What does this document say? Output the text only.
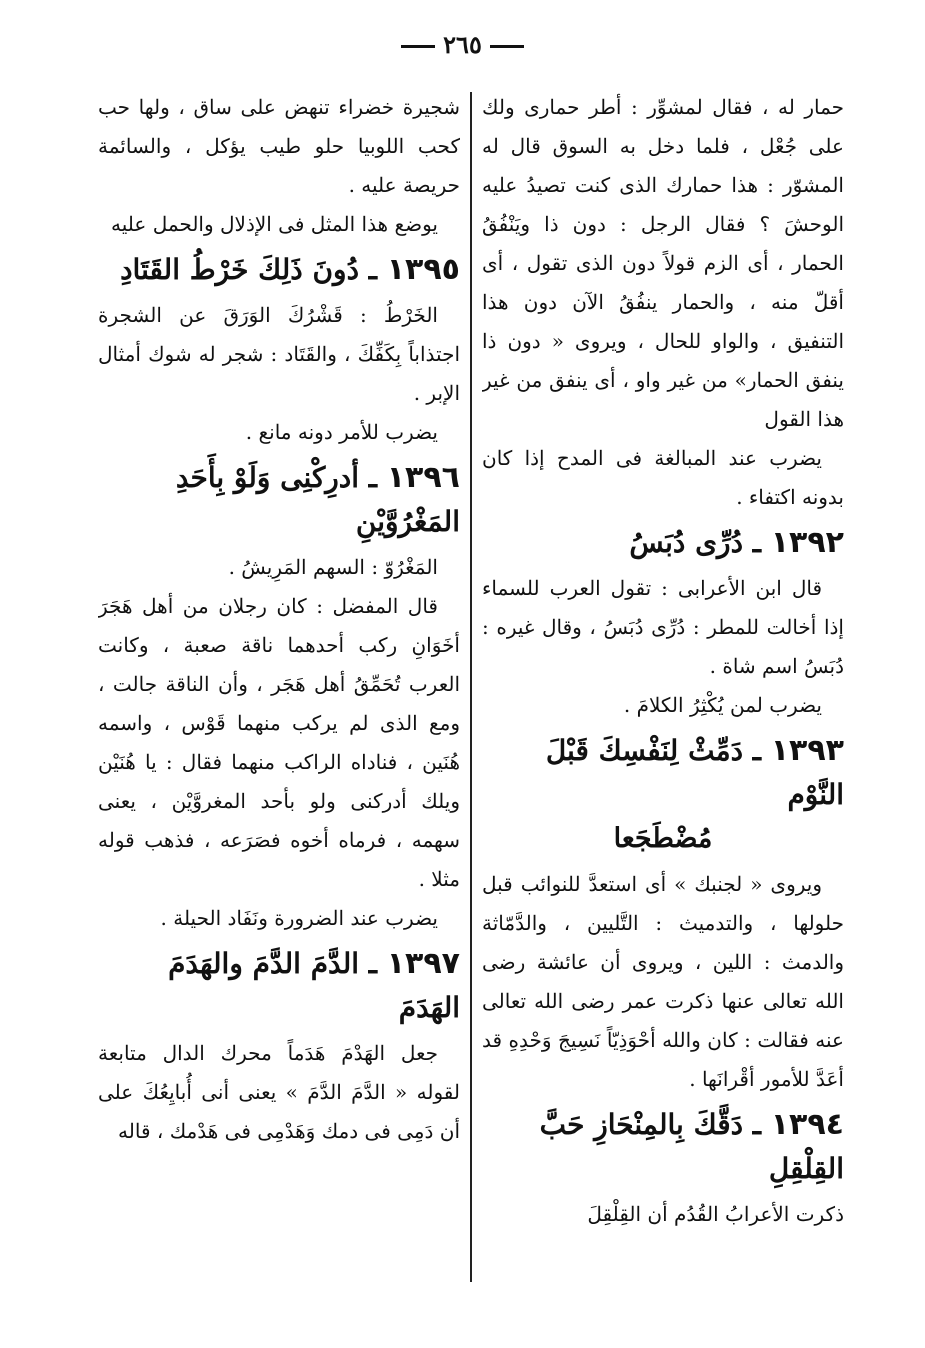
٢٦٥

حمار له ، فقال لمشوِّر : أطر حمارى ولك على جُعْل ، فلما دخل به السوق قال له المشوّر : هذا حمارك الذى كنت تصيدُ عليه الوحشَ ؟ فقال الرجل : دون ذا ويَنْفُقُ الحمار ، أى الزم قولاً دون الذى تقول ، أى أقلّ منه ، والحمار ينفُقُ الآن دون هذا التنفيق ، والواو للحال ، ويروى « دون ذا ينفق الحمار» من غير واو ، أى ينفق من غير هذا القول

يضرب عند المبالغة فى المدح إذا كان بدونه اكتفاء .

١٣٩٢ ـ دُرِّى دُبَسُ

قال ابن الأعرابى : تقول العرب للسماء إذا أخالت للمطر : دُرِّى دُبَسُ ، وقال غيره : دُبَسُ اسم شاة .

يضرب لمن يُكْثِرُ الكلامَ .

١٣٩٣ ـ دَمِّثْ لِنَفْسِكَ قَبْلَ النَّوْم
مُضْطَجَعا

ويروى « لجنبك » أى استعدَّ للنوائب قبل حلولها ، والتدميث : التَّليين ، والدَّمّاثة والدمث : اللين ، ويروى أن عائشة رضى الله تعالى عنها ذكرت عمر رضى الله تعالى عنه فقالت : كان والله أحْوَذِيّاً نَسِيجَ وَحْدِهِ قد أعَدَّ للأمور أقْرانَها .

١٣٩٤ ـ دَقَّكَ بِالمِنْحَازِ حَبَّ القِلْقِلِ

ذكرت الأعرابُ القُدُم أن القِلْقِلَ

شجيرة خضراء تنهض على ساق ، ولها حب كحب اللوبيا حلو طيب يؤكل ، والسائمة حريصة عليه .

يوضع هذا المثل فى الإذلال والحمل عليه

١٣٩٥ ـ دُونَ ذَلِكَ خَرْطُ القَتَادِ

الخَرْطُ : قَشْرُكَ الوَرَقَ عن الشجرة اجتذاباً بِكَفِّكَ ، والقَتَاد : شجر له شوك أمثال الإبر .

يضرب للأمر دونه مانع .

١٣٩٦ ـ أدرِكْنِى وَلَوْ بِأَحَدِ المَغْرُوَّيْنِ

المَغْرُوّ : السهم المَرِيشُ .

قال المفضل : كان رجلان من أهل هَجَرَ أخَوَانِ ركب أحدهما ناقة صعبة ، وكانت العرب تُحَمِّقُ أهل هَجَر ، وأن الناقة جالت ، ومع الذى لم يركب منهما قَوْس ، واسمه هُنَين ، فناداه الراكب منهما فقال : يا هُنَيْن ويلك أدركنى ولو بأحد المغروَّيْن ، يعنى سهمه ، فرماه أخوه فصَرَعه ، فذهب قوله مثلا .

يضرب عند الضرورة ونَفَاد الحيلة .

١٣٩٧ ـ الدَّمَ الدَّمَ والهَدَمَ الهَدَمَ

جعل الهَدْمَ هَدَماً محرك الدال متابعة لقوله « الدَّمَ الدَّمَ » يعنى أنى أُبايِعُكَ على أن دَمِى فى دمك وَهَدْمِى فى هَدْمك ، قاله
